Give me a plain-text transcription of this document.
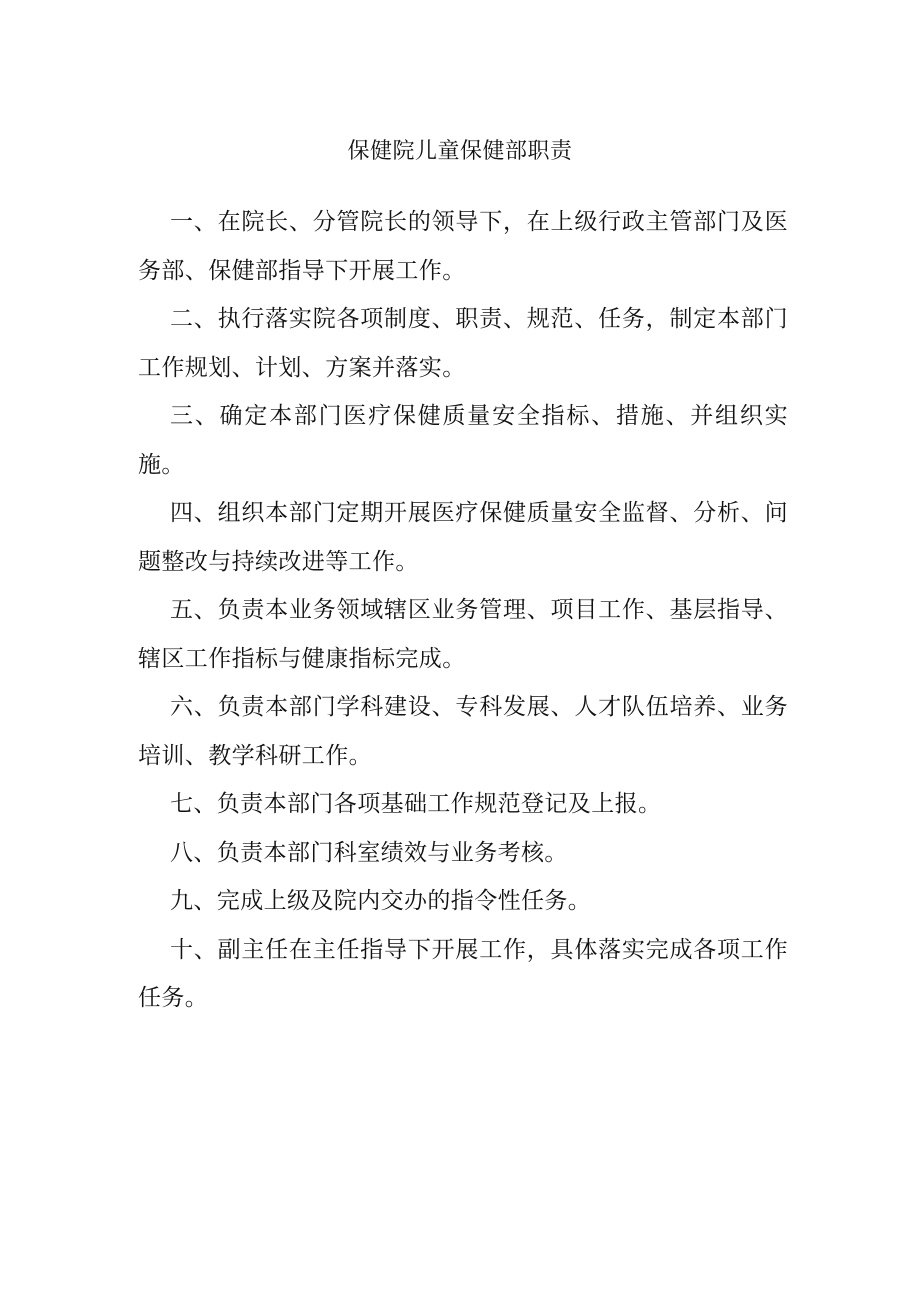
保健院儿童保健部职责

一、在院长、分管院长的领导下，在上级行政主管部门及医务部、保健部指导下开展工作。

二、执行落实院各项制度、职责、规范、任务，制定本部门工作规划、计划、方案并落实。

三、确定本部门医疗保健质量安全指标、措施、并组织实施。

四、组织本部门定期开展医疗保健质量安全监督、分析、问题整改与持续改进等工作。

五、负责本业务领域辖区业务管理、项目工作、基层指导、辖区工作指标与健康指标完成。

六、负责本部门学科建设、专科发展、人才队伍培养、业务培训、教学科研工作。

七、负责本部门各项基础工作规范登记及上报。

八、负责本部门科室绩效与业务考核。

九、完成上级及院内交办的指令性任务。

十、副主任在主任指导下开展工作，具体落实完成各项工作任务。
